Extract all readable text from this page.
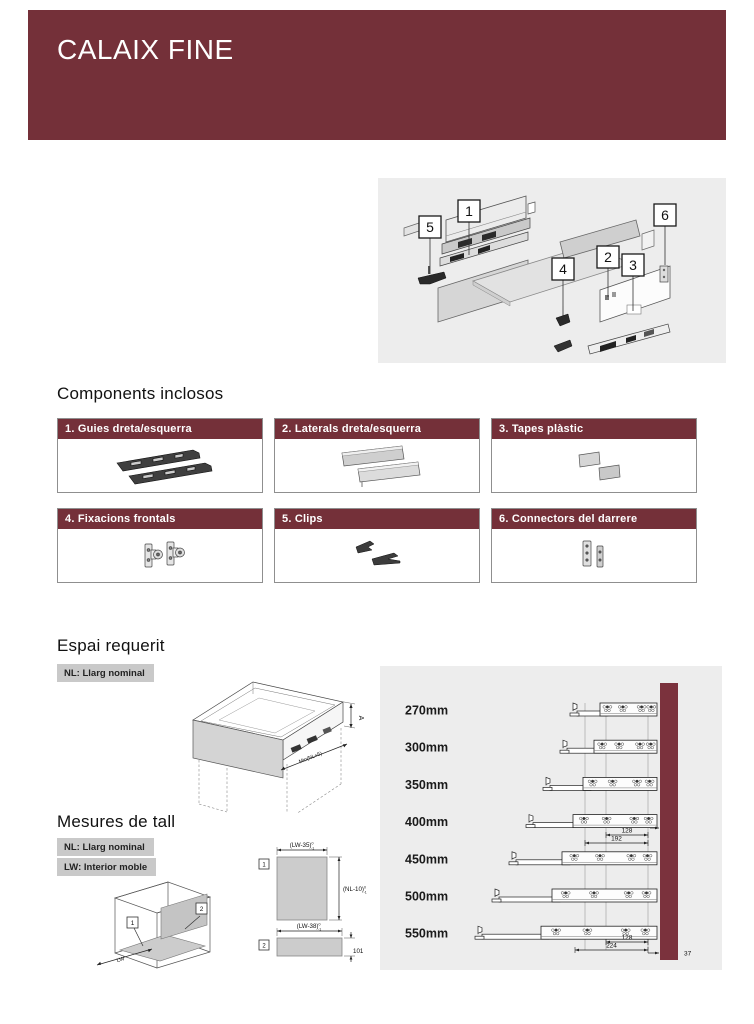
CALAIX FINE
1
2 3
4
5
6
Components inclosos
1. Guies dreta/esquerra	2. Laterals dreta/esquerra	3. Tapes plàstic
4. Fixacions frontals	5. Clips	6. Connectors del darrere
Espai requerit
NL: Llarg nominal
A
Min(NL+5)
Mesures de tall
NL: Llarg nominal
LW: Interior moble
1
2
LW
$(LW-35)^0$ -1
1
$(NL-10)^0$ -1
$(LW-38)^0$ -1
2
101
270mm
300mm
350mm
400mm
450mm
500mm
550mm
128
192
128
224
37
